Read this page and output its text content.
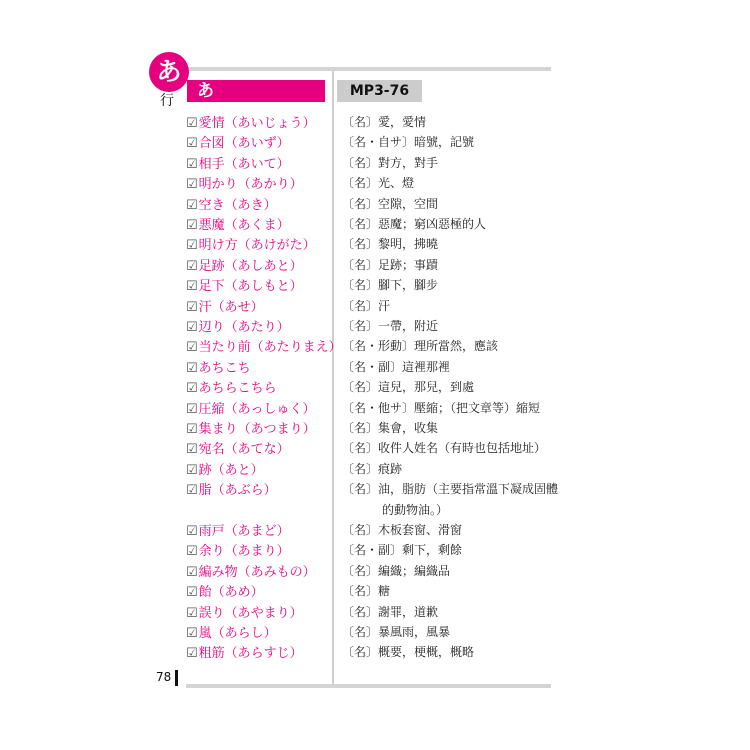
あ
行	あ	MP3-76
☑愛情（あいじょう） 〔名〕愛，愛情
☑合図（あいず）	〔名・自サ〕暗號，記號
☑相手（あいて）	〔名〕對方，對手
☑明かり（あかり）	〔名〕光、燈
☑空き（あき）	〔名〕空隙，空間
☑悪魔（あくま）	〔名〕惡魔；窮凶惡極的人
☑明け方（あけがた） 〔名〕黎明，拂曉
☑足跡（あしあと）	〔名〕足跡；事蹟
☑足下（あしもと）	〔名〕腳下，腳步
☑汗（あせ）	〔名〕汗
☑辺り（あたり）	〔名〕一帶，附近
☑当たり前（あたりまえ） 〔名・形動〕理所當然，應該
☑あちこち	〔名・副〕這裡那裡
☑あちらこちら	〔名〕這兒，那兒，到處
☑圧縮（あっしゅく） 〔名・他サ〕壓縮；（把文章等）縮短
☑集まり（あつまり） 〔名〕集會，收集
☑宛名（あてな）	〔名〕收件人姓名（有時也包括地址）
☑跡（あと）	〔名〕痕跡
☑脂（あぶら）	〔名〕油，脂肪（主要指常溫下凝成固體
的動物油。）
☑雨戸（あまど）	〔名〕木板套窗、滑窗
☑余り（あまり）	〔名・副〕剩下，剩餘
☑編み物（あみもの） 〔名〕編織；編織品
☑飴（あめ）	〔名〕糖
☑誤り（あやまり）	〔名〕謝罪，道歉
☑嵐（あらし）	〔名〕暴風雨，風暴
☑粗筋（あらすじ）	〔名〕概要，梗概，概略
78
